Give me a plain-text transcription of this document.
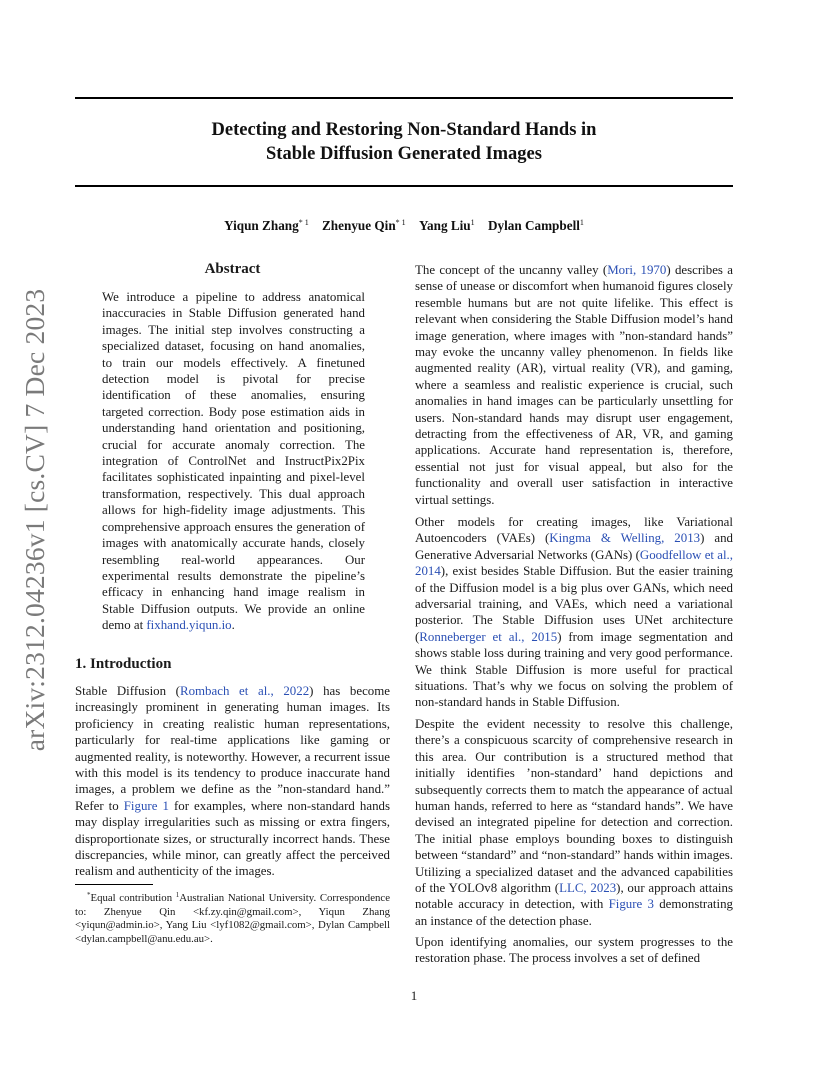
Detecting and Restoring Non-Standard Hands in
Stable Diffusion Generated Images
Yiqun Zhang$^{* 1}$ Zhenyue Qin$^{* 1}$ Yang Liu$^1$ Dylan Campbell$^1$
arXiv:2312.04236v1 [cs.CV] 7 Dec 2023
Abstract

We introduce a pipeline to address anatomical inaccuracies in Stable Diffusion generated hand images. The initial step involves constructing a specialized dataset, focusing on hand anomalies, to train our models effectively. A finetuned detection model is pivotal for precise identification of these anomalies, ensuring targeted correction. Body pose estimation aids in understanding hand orientation and positioning, crucial for accurate anomaly correction. The integration of ControlNet and InstructPix2Pix facilitates sophisticated inpainting and pixel-level transformation, respectively. This dual approach allows for high-fidelity image adjustments. This comprehensive approach ensures the generation of images with anatomically accurate hands, closely resembling real-world appearances. Our experimental results demonstrate the pipeline’s efficacy in enhancing hand image realism in Stable Diffusion outputs. We provide an online demo at fixhand.yiqun.io.

1. Introduction

Stable Diffusion (Rombach et al., 2022) has become increasingly prominent in generating human images. Its proficiency in creating realistic human representations, particularly for real-time applications like gaming or augmented reality, is noteworthy. However, a recurrent issue with this model is its tendency to produce inaccurate hand images, a problem we define as the ”non-standard hand.” Refer to Figure 1 for examples, where non-standard hands may display irregularities such as missing or extra fingers, disproportionate sizes, or structurally incorrect hands. These discrepancies, while minor, can greatly affect the perceived realism and authenticity of the images.

*Equal contribution $^1$Australian National University. Correspondence to: Zhenyue Qin <kf.zy.qin@gmail.com>, Yiqun Zhang <yiqun@admin.io>, Yang Liu <lyf1082@gmail.com>, Dylan Campbell <dylan.campbell@anu.edu.au>.

The concept of the uncanny valley (Mori, 1970) describes a sense of unease or discomfort when humanoid figures closely resemble humans but are not quite lifelike. This effect is relevant when considering the Stable Diffusion model’s hand image generation, where images with ”non-standard hands” may evoke the uncanny valley phenomenon. In fields like augmented reality (AR), virtual reality (VR), and gaming, where a seamless and realistic experience is crucial, such anomalies in hand images can be particularly unsettling for users. Non-standard hands may disrupt user engagement, detracting from the effectiveness of AR, VR, and gaming applications. Accurate hand representation is, therefore, essential not just for visual appeal, but also for the functionality and overall user satisfaction in interactive virtual settings.

Other models for creating images, like Variational Autoencoders (VAEs) (Kingma & Welling, 2013) and Generative Adversarial Networks (GANs) (Goodfellow et al., 2014), exist besides Stable Diffusion. But the easier training of the Diffusion model is a big plus over GANs, which need adversarial training, and VAEs, which need a variational posterior. The Stable Diffusion uses UNet architecture (Ronneberger et al., 2015) from image segmentation and shows stable loss during training and very good performance. We think Stable Diffusion is more useful for practical situations. That’s why we focus on solving the problem of non-standard hands in Stable Diffusion.

Despite the evident necessity to resolve this challenge, there’s a conspicuous scarcity of comprehensive research in this area. Our contribution is a structured method that initially identifies ’non-standard’ hand depictions and subsequently corrects them to match the appearance of actual human hands, referred to here as “standard hands”. We have devised an integrated pipeline for detection and correction. The initial phase employs bounding boxes to distinguish between “standard” and “non-standard” hands within images. Utilizing a specialized dataset and the advanced capabilities of the YOLOv8 algorithm (LLC, 2023), our approach attains notable accuracy in detection, with Figure 3 demonstrating an instance of the detection phase.

Upon identifying anomalies, our system progresses to the restoration phase. The process involves a set of defined

1
